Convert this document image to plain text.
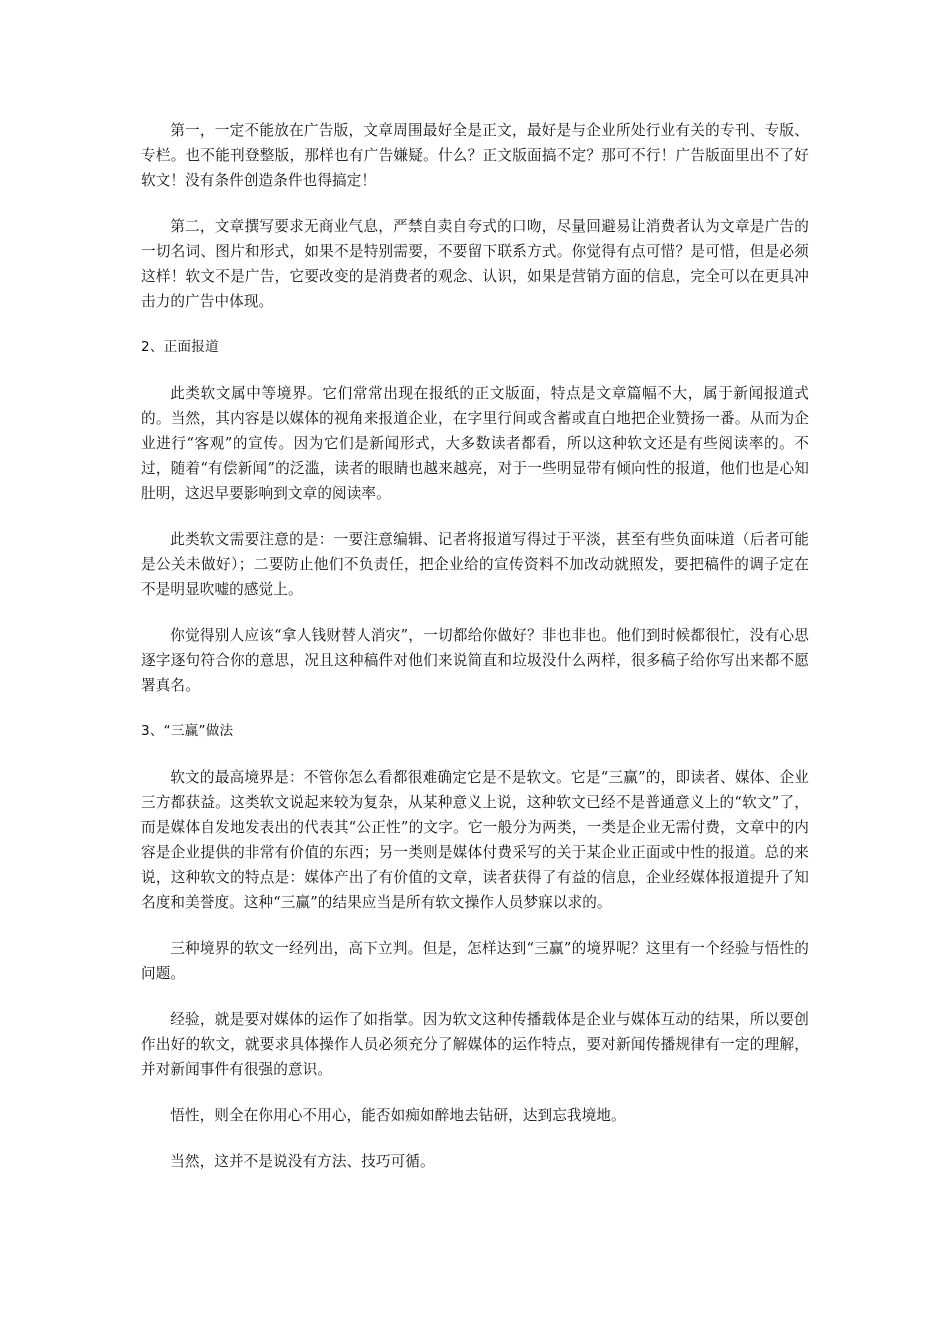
第一，一定不能放在广告版，文章周围最好全是正文，最好是与企业所处行业有关的专刊、专版、专栏。也不能刊登整版，那样也有广告嫌疑。什么？正文版面搞不定？那可不行！广告版面里出不了好软文！没有条件创造条件也得搞定！

第二，文章撰写要求无商业气息，严禁自卖自夸式的口吻，尽量回避易让消费者认为文章是广告的一切名词、图片和形式，如果不是特别需要，不要留下联系方式。你觉得有点可惜？是可惜，但是必须这样！软文不是广告，它要改变的是消费者的观念、认识，如果是营销方面的信息，完全可以在更具冲击力的广告中体现。

2、正面报道

此类软文属中等境界。它们常常出现在报纸的正文版面，特点是文章篇幅不大，属于新闻报道式的。当然，其内容是以媒体的视角来报道企业，在字里行间或含蓄或直白地把企业赞扬一番。从而为企业进行“客观”的宣传。因为它们是新闻形式，大多数读者都看，所以这种软文还是有些阅读率的。不过，随着“有偿新闻”的泛滥，读者的眼睛也越来越亮，对于一些明显带有倾向性的报道，他们也是心知肚明，这迟早要影响到文章的阅读率。

此类软文需要注意的是：一要注意编辑、记者将报道写得过于平淡，甚至有些负面味道（后者可能是公关未做好）；二要防止他们不负责任，把企业给的宣传资料不加改动就照发，要把稿件的调子定在不是明显吹嘘的感觉上。

你觉得别人应该“拿人钱财替人消灾”，一切都给你做好？非也非也。他们到时候都很忙，没有心思逐字逐句符合你的意思，况且这种稿件对他们来说简直和垃圾没什么两样，很多稿子给你写出来都不愿署真名。

3、“三赢”做法

软文的最高境界是：不管你怎么看都很难确定它是不是软文。它是“三赢”的，即读者、媒体、企业三方都获益。这类软文说起来较为复杂，从某种意义上说，这种软文已经不是普通意义上的“软文”了，而是媒体自发地发表出的代表其“公正性”的文字。它一般分为两类，一类是企业无需付费，文章中的内容是企业提供的非常有价值的东西；另一类则是媒体付费采写的关于某企业正面或中性的报道。总的来说，这种软文的特点是：媒体产出了有价值的文章，读者获得了有益的信息，企业经媒体报道提升了知名度和美誉度。这种“三赢”的结果应当是所有软文操作人员梦寐以求的。

三种境界的软文一经列出，高下立判。但是，怎样达到“三赢”的境界呢？这里有一个经验与悟性的问题。

经验，就是要对媒体的运作了如指掌。因为软文这种传播载体是企业与媒体互动的结果，所以要创作出好的软文，就要求具体操作人员必须充分了解媒体的运作特点，要对新闻传播规律有一定的理解，并对新闻事件有很强的意识。

悟性，则全在你用心不用心，能否如痴如醉地去钻研，达到忘我境地。

当然，这并不是说没有方法、技巧可循。
